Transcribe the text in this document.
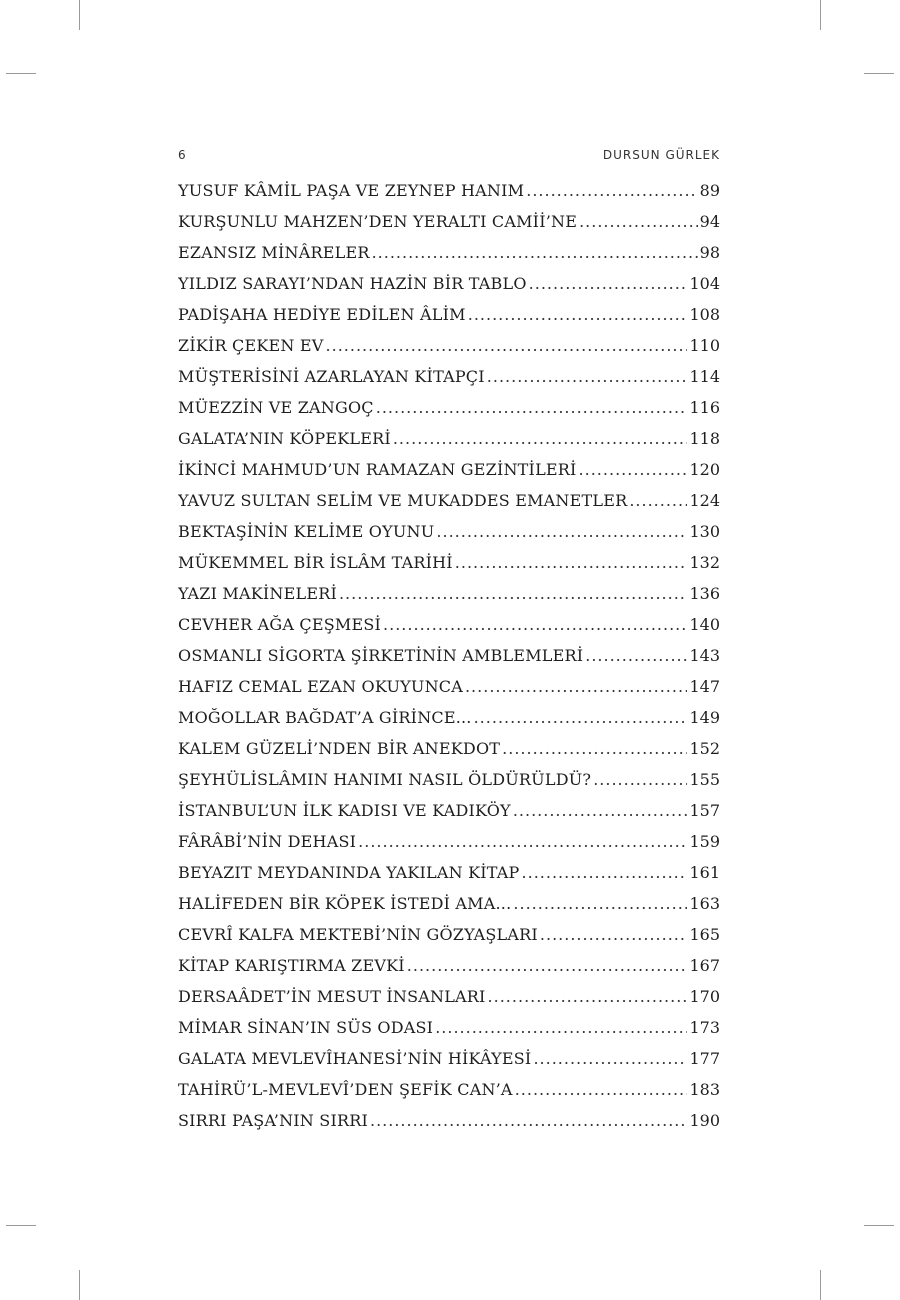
6	DURSUN GÜRLEK
YUSUF KÂMİL PAŞA VE ZEYNEP HANIM .....	89
KURŞUNLU MAHZEN’DEN YERALTI CAMİİ’NE .....	94
EZANSIZ MİNÂRELER .....	98
YILDIZ SARAYI’NDAN HAZİN BİR TABLO .....	104
PADİŞAHA HEDİYE EDİLEN ÂLİM .....	108
ZİKİR ÇEKEN EV .....	110
MÜŞTERİSİNİ AZARLAYAN KİTAPÇI .....	114
MÜEZZİN VE ZANGOÇ .....	116
GALATA’NIN KÖPEKLERİ .....	118
İKİNCİ MAHMUD’UN RAMAZAN GEZİNTİLERİ .....	120
YAVUZ SULTAN SELİM VE MUKADDES EMANETLER .....	124
BEKTAŞİNİN KELİME OYUNU .....	130
MÜKEMMEL BİR İSLÂM TARİHİ .....	132
YAZI MAKİNELERİ .....	136
CEVHER AĞA ÇEŞMESİ .....	140
OSMANLI SİGORTA ŞİRKETİNİN AMBLEMLERİ .....	143
HAFIZ CEMAL EZAN OKUYUNCA .....	147
MOĞOLLAR BAĞDAT’A GİRİNCE... .....	149
KALEM GÜZELİ’NDEN BİR ANEKDOT .....	152
ŞEYHÜLİSLÂMIN HANIMI NASIL ÖLDÜRÜLDÜ? .....	155
İSTANBUL’UN İLK KADISI VE KADIKÖY .....	157
FÂRÂBİ’NİN DEHASI .....	159
BEYAZIT MEYDANINDA YAKILAN KİTAP .....	161
HALİFEDEN BİR KÖPEK İSTEDİ AMA... .....	163
CEVRÎ KALFA MEKTEBİ’NİN GÖZYAŞLARI .....	165
KİTAP KARIŞTIRMA ZEVKİ .....	167
DERSAÂDET’İN MESUT İNSANLARI .....	170
MİMAR SİNAN’IN SÜS ODASI .....	173
GALATA MEVLEVÎHANESİ’NİN HİKÂYESİ .....	177
TAHİRÜ’L-MEVLEVÎ’DEN ŞEFİK CAN’A .....	183
SIRRI PAŞA’NIN SIRRI .....	190
